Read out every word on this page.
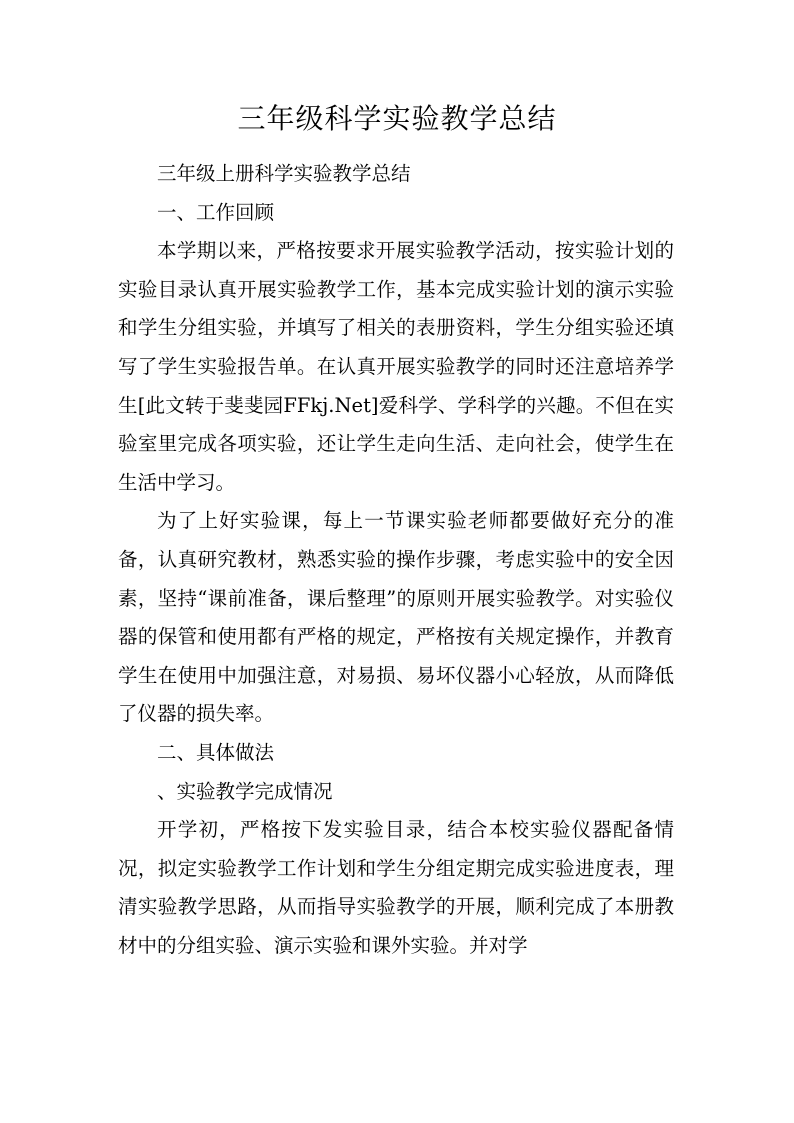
三年级科学实验教学总结

三年级上册科学实验教学总结

一、工作回顾

本学期以来，严格按要求开展实验教学活动，按实验计划的实验目录认真开展实验教学工作，基本完成实验计划的演示实验和学生分组实验，并填写了相关的表册资料，学生分组实验还填写了学生实验报告单。在认真开展实验教学的同时还注意培养学生[此文转于斐斐园FFkj.Net]爱科学、学科学的兴趣。不但在实验室里完成各项实验，还让学生走向生活、走向社会，使学生在生活中学习。

为了上好实验课，每上一节课实验老师都要做好充分的准备，认真研究教材，熟悉实验的操作步骤，考虑实验中的安全因素，坚持“课前准备，课后整理”的原则开展实验教学。对实验仪器的保管和使用都有严格的规定，严格按有关规定操作，并教育学生在使用中加强注意，对易损、易坏仪器小心轻放，从而降低了仪器的损失率。

二、具体做法

、实验教学完成情况

开学初，严格按下发实验目录，结合本校实验仪器配备情况，拟定实验教学工作计划和学生分组定期完成实验进度表，理清实验教学思路，从而指导实验教学的开展，顺利完成了本册教材中的分组实验、演示实验和课外实验。并对学
